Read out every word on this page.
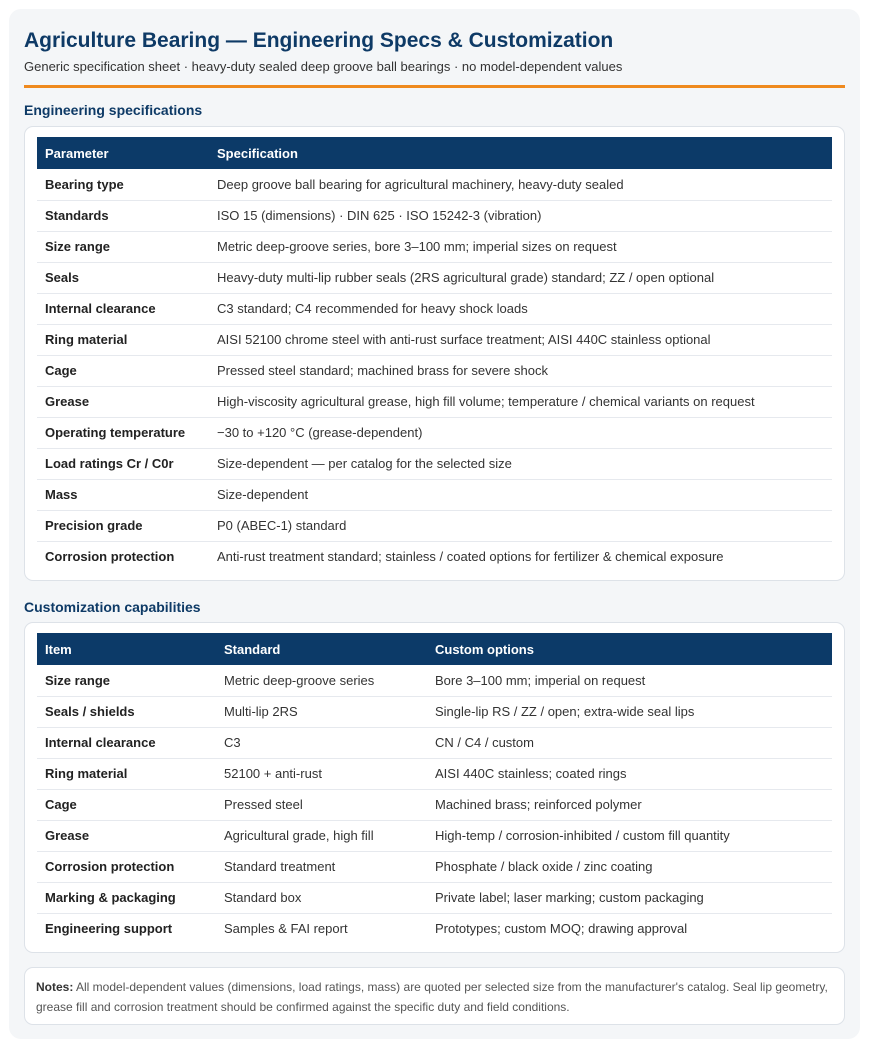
Agriculture Bearing — Engineering Specs & Customization
Generic specification sheet · heavy-duty sealed deep groove ball bearings · no model-dependent values
Engineering specifications
Parameter	Specification
Bearing type	Deep groove ball bearing for agricultural machinery, heavy-duty sealed
Standards	ISO 15 (dimensions) · DIN 625 · ISO 15242-3 (vibration)
Size range	Metric deep-groove series, bore 3–100 mm; imperial sizes on request
Seals	Heavy-duty multi-lip rubber seals (2RS agricultural grade) standard; ZZ / open optional
Internal clearance	C3 standard; C4 recommended for heavy shock loads
Ring material	AISI 52100 chrome steel with anti-rust surface treatment; AISI 440C stainless optional
Cage	Pressed steel standard; machined brass for severe shock
Grease	High-viscosity agricultural grease, high fill volume; temperature / chemical variants on request
Operating temperature	−30 to +120 °C (grease-dependent)
Load ratings Cr / C0r	Size-dependent — per catalog for the selected size
Mass	Size-dependent
Precision grade	P0 (ABEC-1) standard
Corrosion protection	Anti-rust treatment standard; stainless / coated options for fertilizer & chemical exposure
Customization capabilities
Item	Standard	Custom options
Size range	Metric deep-groove series	Bore 3–100 mm; imperial on request
Seals / shields	Multi-lip 2RS	Single-lip RS / ZZ / open; extra-wide seal lips
Internal clearance	C3	CN / C4 / custom
Ring material	52100 + anti-rust	AISI 440C stainless; coated rings
Cage	Pressed steel	Machined brass; reinforced polymer
Grease	Agricultural grade, high fill	High-temp / corrosion-inhibited / custom fill quantity
Corrosion protection	Standard treatment	Phosphate / black oxide / zinc coating
Marking & packaging	Standard box	Private label; laser marking; custom packaging
Engineering support	Samples & FAI report	Prototypes; custom MOQ; drawing approval
Notes: All model-dependent values (dimensions, load ratings, mass) are quoted per selected size from the manufacturer's catalog. Seal lip geometry, grease fill and corrosion treatment should be confirmed against the specific duty and field conditions.
